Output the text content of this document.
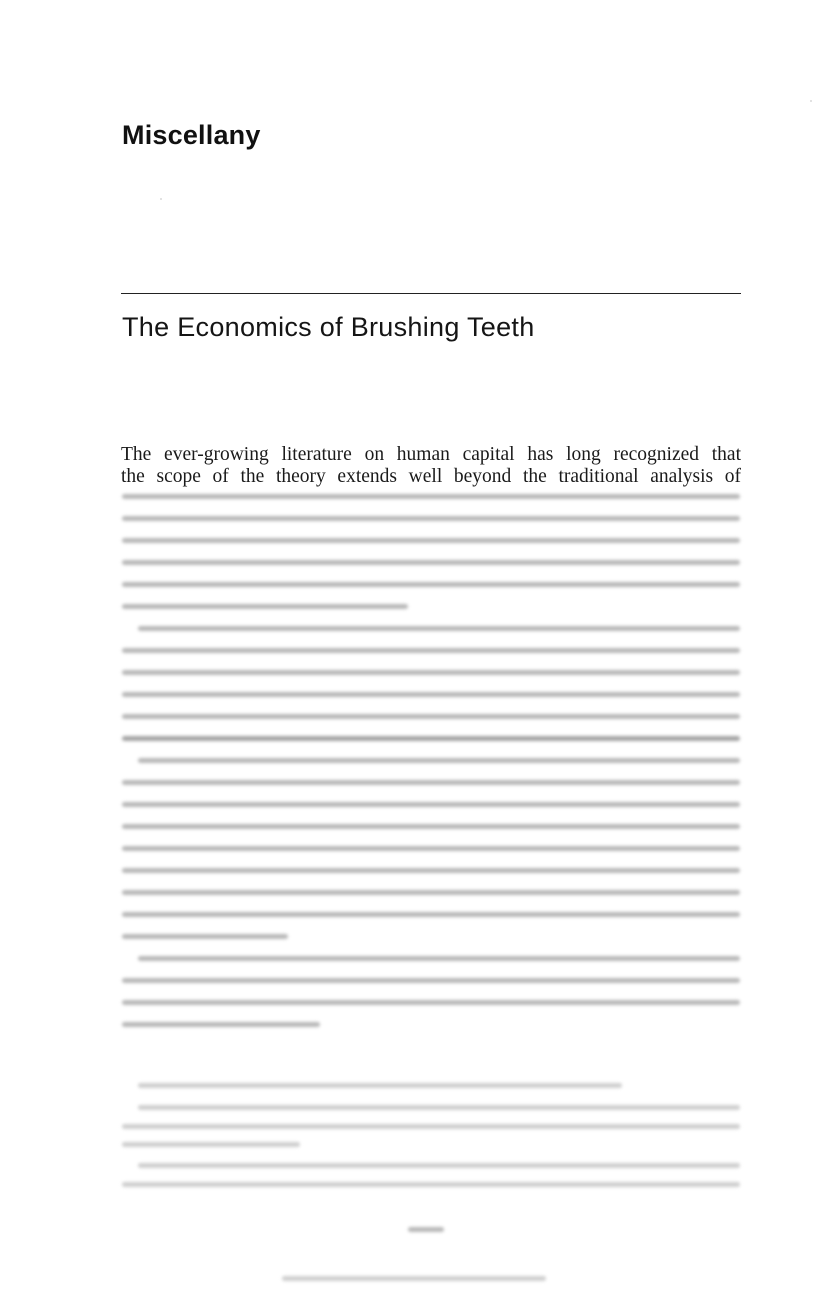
Miscellany
The Economics of Brushing Teeth

The ever-growing literature on human capital has long recognized that
the scope of the theory extends well beyond the traditional analysis of
